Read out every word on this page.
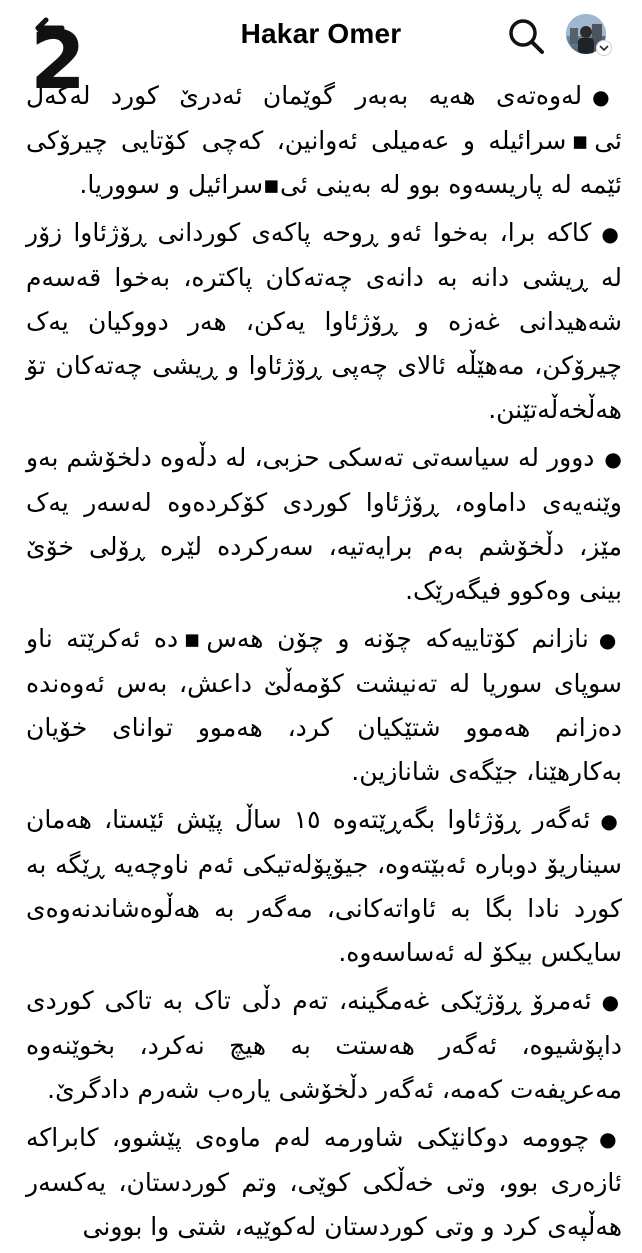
●لەوەتەی هەیە بەبەر گوێمان ئەدرێ کورد لەگەل ئی▪سرائیلە و عەمیلی ئەوانین، کەچی کۆتایی چیرۆکی ئێمە لە پاریسەوە بوو لە بەینی ئی▪سرائیل و سووریا.

●کاکە برا، بەخوا ئەو ڕوحە پاکەی کوردانی ڕۆژئاوا زۆر لە ڕیشی دانە بە دانەی چەتەکان پاکترە، بەخوا قەسەم شەهیدانی غەزە و ڕۆژئاوا یەکن، هەر دووکیان یەک چیرۆکن، مەهێڵە ئالای چەپی ڕۆژئاوا و ڕیشی چەتەکان تۆ هەڵخەڵەتێنن.

●دوور لە سیاسەتی تەسکی حزبی، لە دڵەوە دلخۆشم بەو وێنەیەی داماوە، ڕۆژئاوا کوردی کۆکردەوە لەسەر یەک مێز، دڵخۆشم بەم برایەتیە، سەرکردە لێرە ڕۆلی خۆێ بینی وەکوو فیگەرێک.

●نازانم کۆتاییەکە چۆنە و چۆن هەس▪دە ئەکرێتە ناو سوپای سوریا لە تەنیشت کۆمەڵێ داعش، بەس ئەوەندە دەزانم هەموو شتێکیان کرد، هەموو توانای خۆیان بەکارهێنا، جێگەی شانازین.

●ئەگەر ڕۆژئاوا بگەڕێتەوە ١٥ ساڵ پێش ئێستا، هەمان سیناریۆ دوبارە ئەبێتەوە، جیۆپۆلەتیکی ئەم ناوچەیە ڕێگە بە کورد نادا بگا بە ئاواتەکانی، مەگەر بە هەڵوەشاندنەوەی سایکس بیکۆ لە ئەساسەوە.

●ئەمرۆ ڕۆژێکی غەمگینە، تەم دڵی تاک بە تاکی کوردی داپۆشیوە، ئەگەر هەستت بە هیچ نەکرد، بخوێنەوە مەعریفەت کەمە، ئەگەر دڵخۆشی یارەب شەرم دادگرێ.

●چوومە دوکانێکی شاورمە لەم ماوەی پێشوو، کابراکە ئازەری بوو، وتی خەڵکی کوێی، وتم کوردستان، یەکسەر هەڵپەی کرد و وتی کوردستان لەکوێیە، شتی وا بوونی

2	Hakar Omer
